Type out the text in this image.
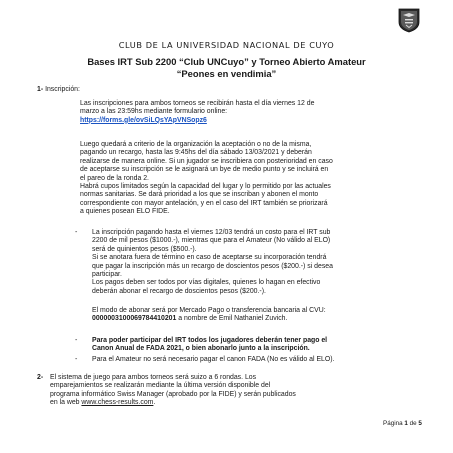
CLUB DE LA UNIVERSIDAD NACIONAL DE CUYO
Bases IRT Sub 2200 “Club UNCuyo” y Torneo Abierto Amateur
“Peones en vendimia”
1- Inscripción:
Las inscripciones para ambos torneos se recibirán hasta el día viernes 12 de
marzo a las 23:59hs mediante formulario online:
https://forms.gle/ovSiLQsYApVNSopz6
Luego quedará a criterio de la organización la aceptación o no de la misma,
pagando un recargo, hasta las 9:45hs del día sábado 13/03/2021 y deberán
realizarse de manera online. Si un jugador se inscribiera con posterioridad en caso
de aceptarse su inscripción se le asignará un bye de medio punto y se incluirá en
el pareo de la ronda 2.
Habrá cupos limitados según la capacidad del lugar y lo permitido por las actuales
normas sanitarias. Se dará prioridad a los que se inscriban y abonen el monto
correspondiente con mayor antelación, y en el caso del IRT también se priorizará
a quienes posean ELO FIDE.
- La inscripción pagando hasta el viernes 12/03 tendrá un costo para el IRT sub
2200 de mil pesos ($1000.-), mientras que para el Amateur (No válido al ELO)
será de quinientos pesos ($500.-).
Si se anotara fuera de término en caso de aceptarse su incorporación tendrá
que pagar la inscripción más un recargo de doscientos pesos ($200.-) si desea
participar.
Los pagos deben ser todos por vías digitales, quienes lo hagan en efectivo
deberán abonar el recargo de doscientos pesos ($200.-).
El modo de abonar será por Mercado Pago o transferencia bancaria al CVU:
0000003100069784410201 a nombre de Emil Nathaniel Zuvich.
- Para poder participar del IRT todos los jugadores deberán tener pago el
Canon Anual de FADA 2021, o bien abonarlo junto a la inscripción.
- Para el Amateur no será necesario pagar el canon FADA (No es válido al ELO).
2- El sistema de juego para ambos torneos será suizo a 6 rondas. Los
emparejamientos se realizarán mediante la última versión disponible del
programa informático Swiss Manager (aprobado por la FIDE) y serán publicados
en la web www.chess-results.com.
Página 1 de 5
